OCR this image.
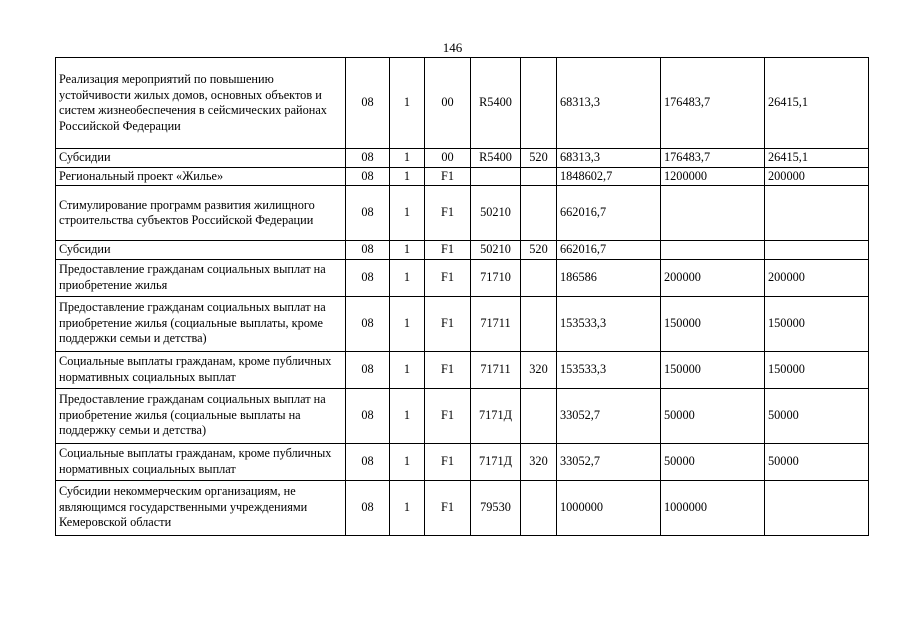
146
Реализация мероприятий по повышению устойчивости жилых домов, основных объектов и систем жизнеобеспечения в сейсмических районах Российской Федерации	08	1	00	R5400		68313,3	176483,7	26415,1
Субсидии	08	1	00	R5400	520	68313,3	176483,7	26415,1
Региональный проект «Жилье»	08	1	F1			1848602,7	1200000	200000
Стимулирование программ развития жилищного строительства субъектов Российской Федерации	08	1	F1	50210		662016,7		
Субсидии	08	1	F1	50210	520	662016,7		
Предоставление гражданам социальных выплат на приобретение жилья	08	1	F1	71710		186586	200000	200000
Предоставление гражданам социальных выплат на приобретение жилья (социальные выплаты, кроме поддержки семьи и детства)	08	1	F1	71711		153533,3	150000	150000
Социальные выплаты гражданам, кроме публичных нормативных социальных выплат	08	1	F1	71711	320	153533,3	150000	150000
Предоставление гражданам социальных выплат на приобретение жилья (социальные выплаты на поддержку семьи и детства)	08	1	F1	7171Д		33052,7	50000	50000
Социальные выплаты гражданам, кроме публичных нормативных социальных выплат	08	1	F1	7171Д	320	33052,7	50000	50000
Субсидии некоммерческим организациям, не являющимся государственными учреждениями Кемеровской области	08	1	F1	79530		1000000	1000000	
